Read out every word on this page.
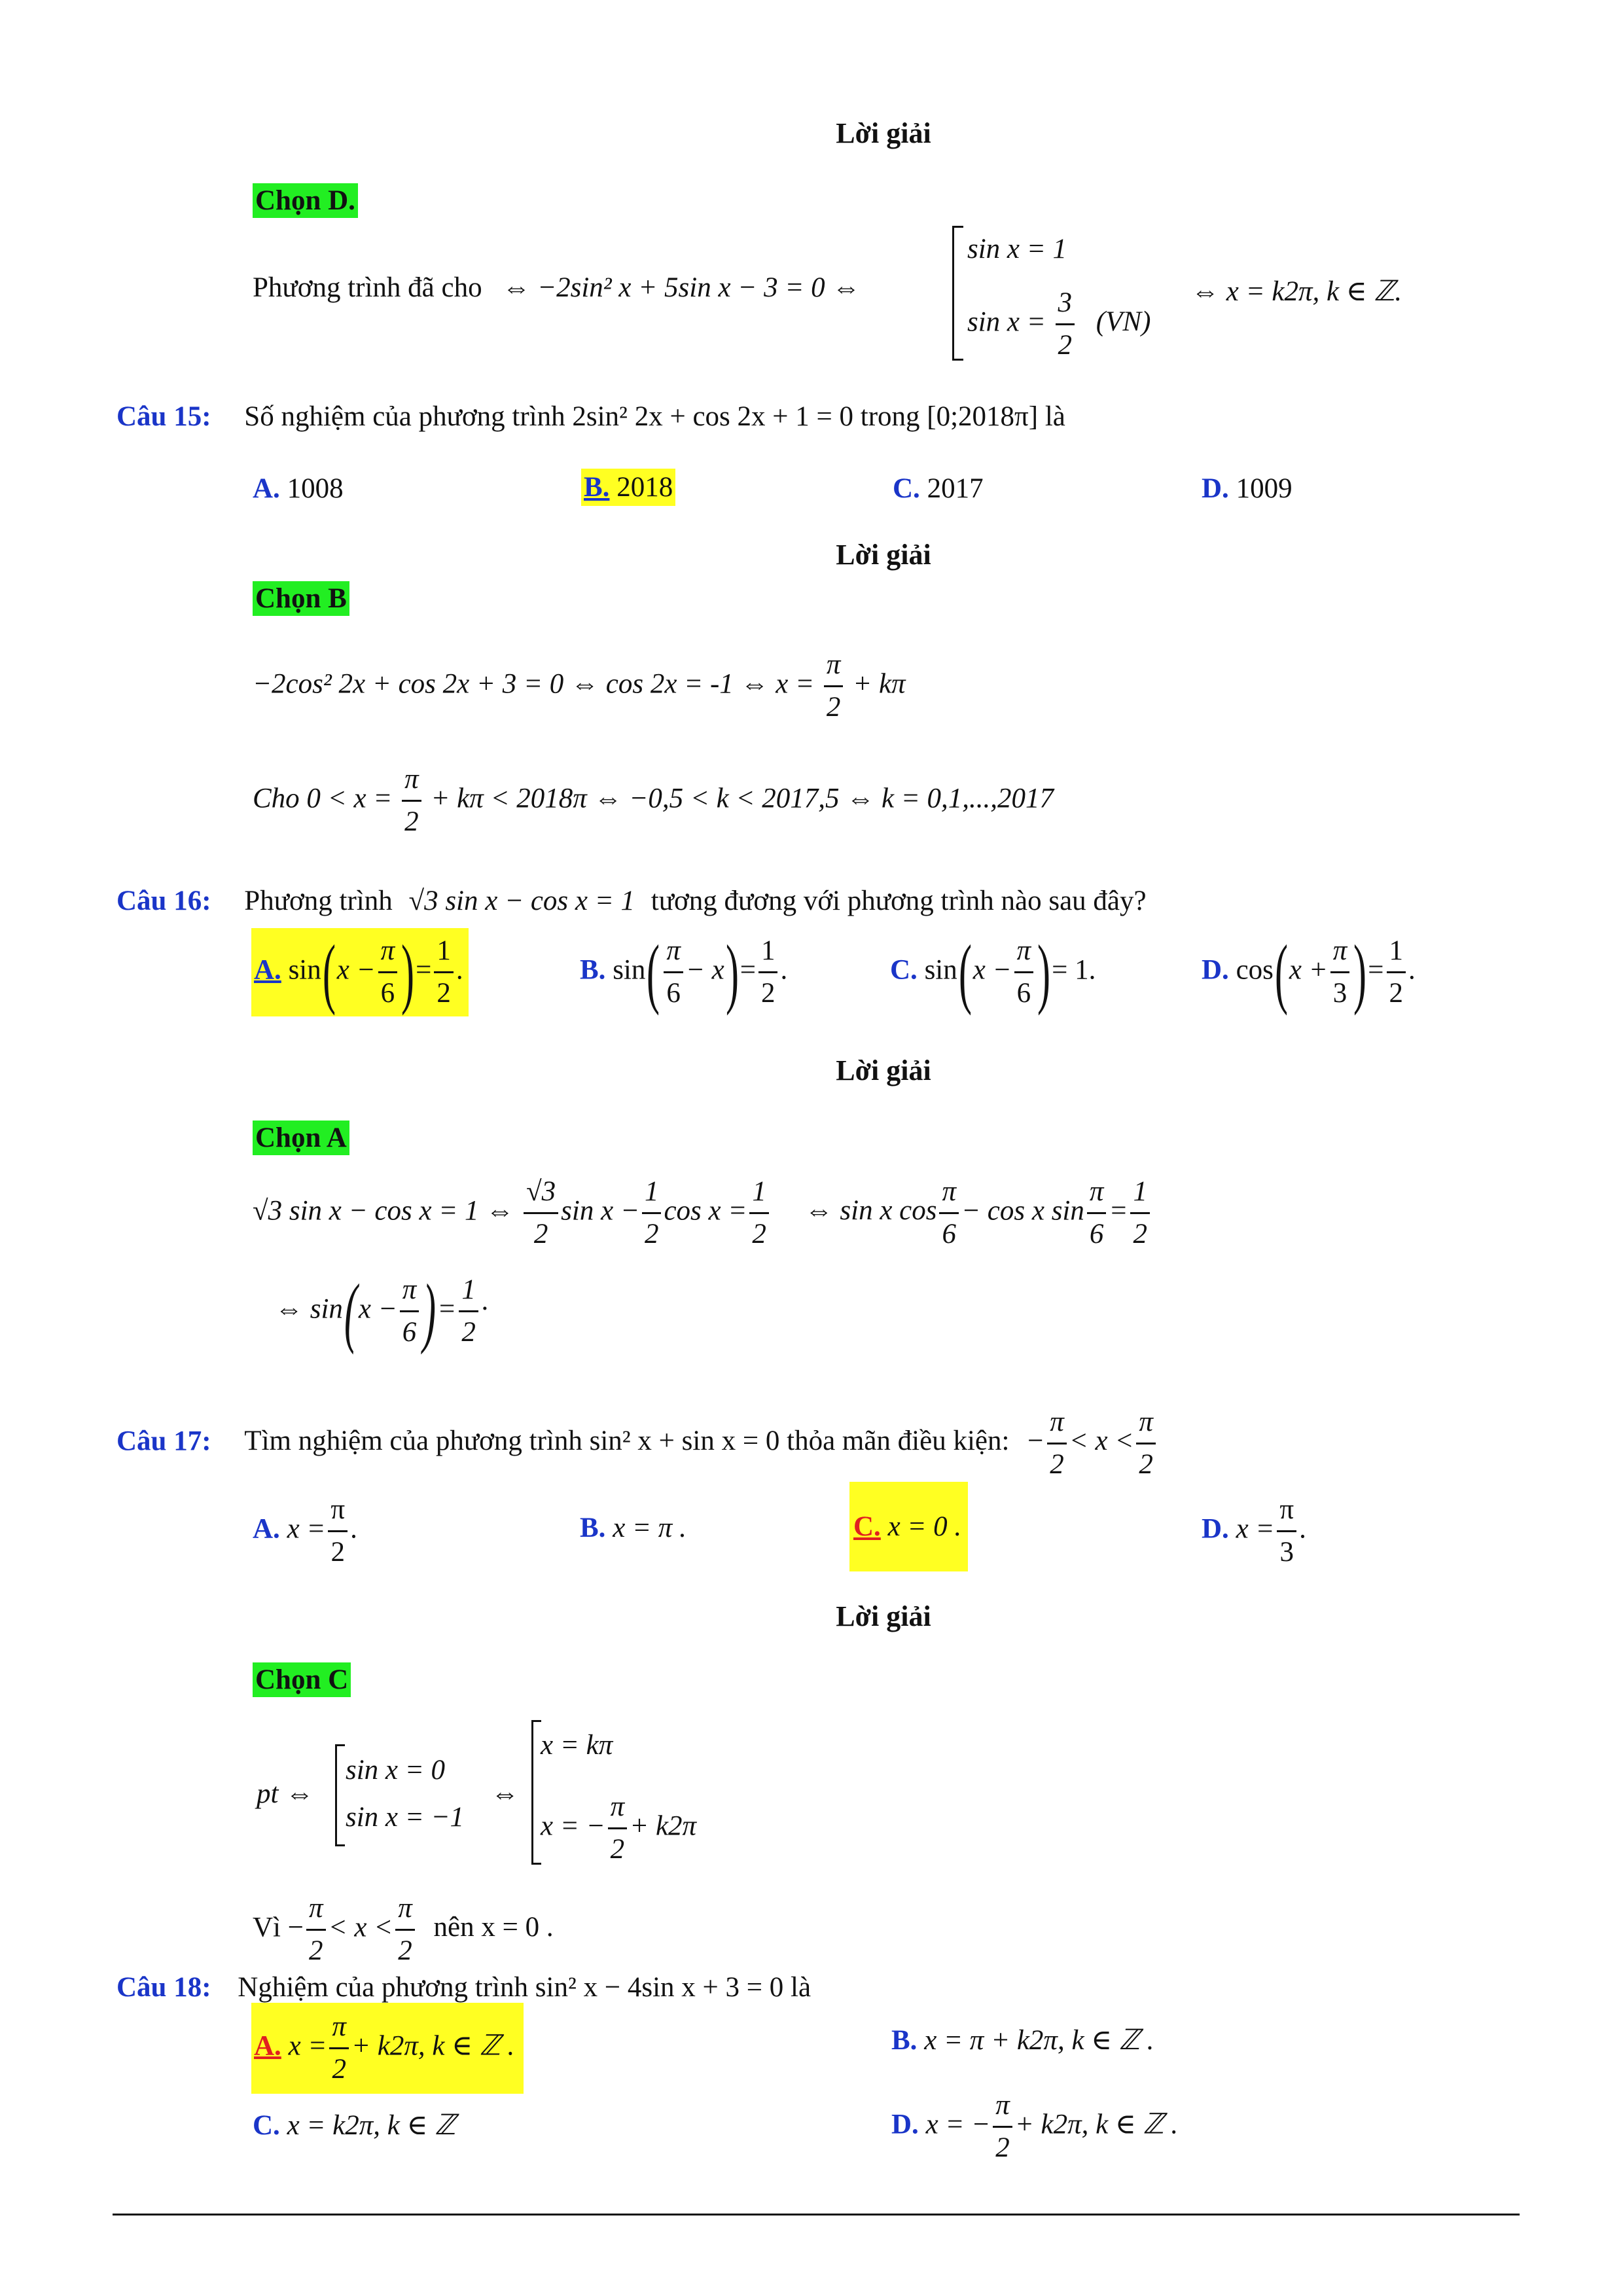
Lời giải
Chọn D.
Phương trình đã cho ⇔ −2sin² x + 5sin x − 3 = 0 ⇔
sin x = 1
$\sin x = \frac{3}{2} (VN)$
⇔ x = k2π, k ∈ ℤ.
Câu 15: Số nghiệm của phương trình 2sin² 2x + cos 2x + 1 = 0 trong [0;2018π] là
A. 1008	B. 2018	C. 2017	D. 1009
Lời giải
Chọn B
−2cos² 2x + cos 2x + 3 = 0 ⇔ cos 2x = -1 ⇔ $x = \frac{\pi}{2} + k\pi$
Cho $0 < x = \frac{\pi}{2} + k\pi < 2018\pi$ ⇔ −0,5 < k < 2017,5 ⇔ k = 0,1,...,2017
Câu 16: Phương trình √3 sin x − cos x = 1 tương đương với phương trình nào sau đây?
A. $\sin(x - \frac{\pi}{6}$ )= $\frac{1}{2}$ .	B. $\sin( \frac{\pi}{6} - x)= \frac{1}{2}$ .	C. $\sin(x - \frac{\pi}{6}$ )= 1.	D. $\cos(x + \frac{\pi}{3}$ )= $\frac{1}{2}$ .
Lời giải
Chọn A
√3 sin x − cos x = 1 ⇔ $\frac{√3}{2}$ $\sin x - \frac{1}{2}$ $\cos x = \frac{1}{2}$ ⇔ sin x $\cos \frac{\pi}{6} - \cos x$ $\sin \frac{\pi}{6} = \frac{1}{2}$
⇔ $\sin(x - \frac{\pi}{6}$ )= $\frac{1}{2}$ ·
Câu 17: Tìm nghiệm của phương trình sin² x + sin x = 0 thỏa mãn điều kiện: − $\frac{\pi}{2} < x < \frac{\pi}{2}$
A. $x = \frac{\pi}{2}$ .	B. x = π .	C. x = 0 .	D. $x = \frac{\pi}{3}$ .
Lời giải
Chọn C
pt ⇔
sin x = 0
sin x = −1
⇔
x = kπ
x = − $\frac{\pi}{2} + k2\pi$
Vì − $\frac{\pi}{2} < x < \frac{\pi}{2}$ nên x = 0 .
Câu 18: Nghiệm của phương trình sin² x − 4sin x + 3 = 0 là
A. $x = \frac{\pi}{2} + k2\pi$, k ∈ ℤ .	B. x = π + k2π, k ∈ ℤ .
C. x = k2π, k ∈ ℤ	D. x = − $\frac{\pi}{2} + k2\pi$, k ∈ ℤ .
